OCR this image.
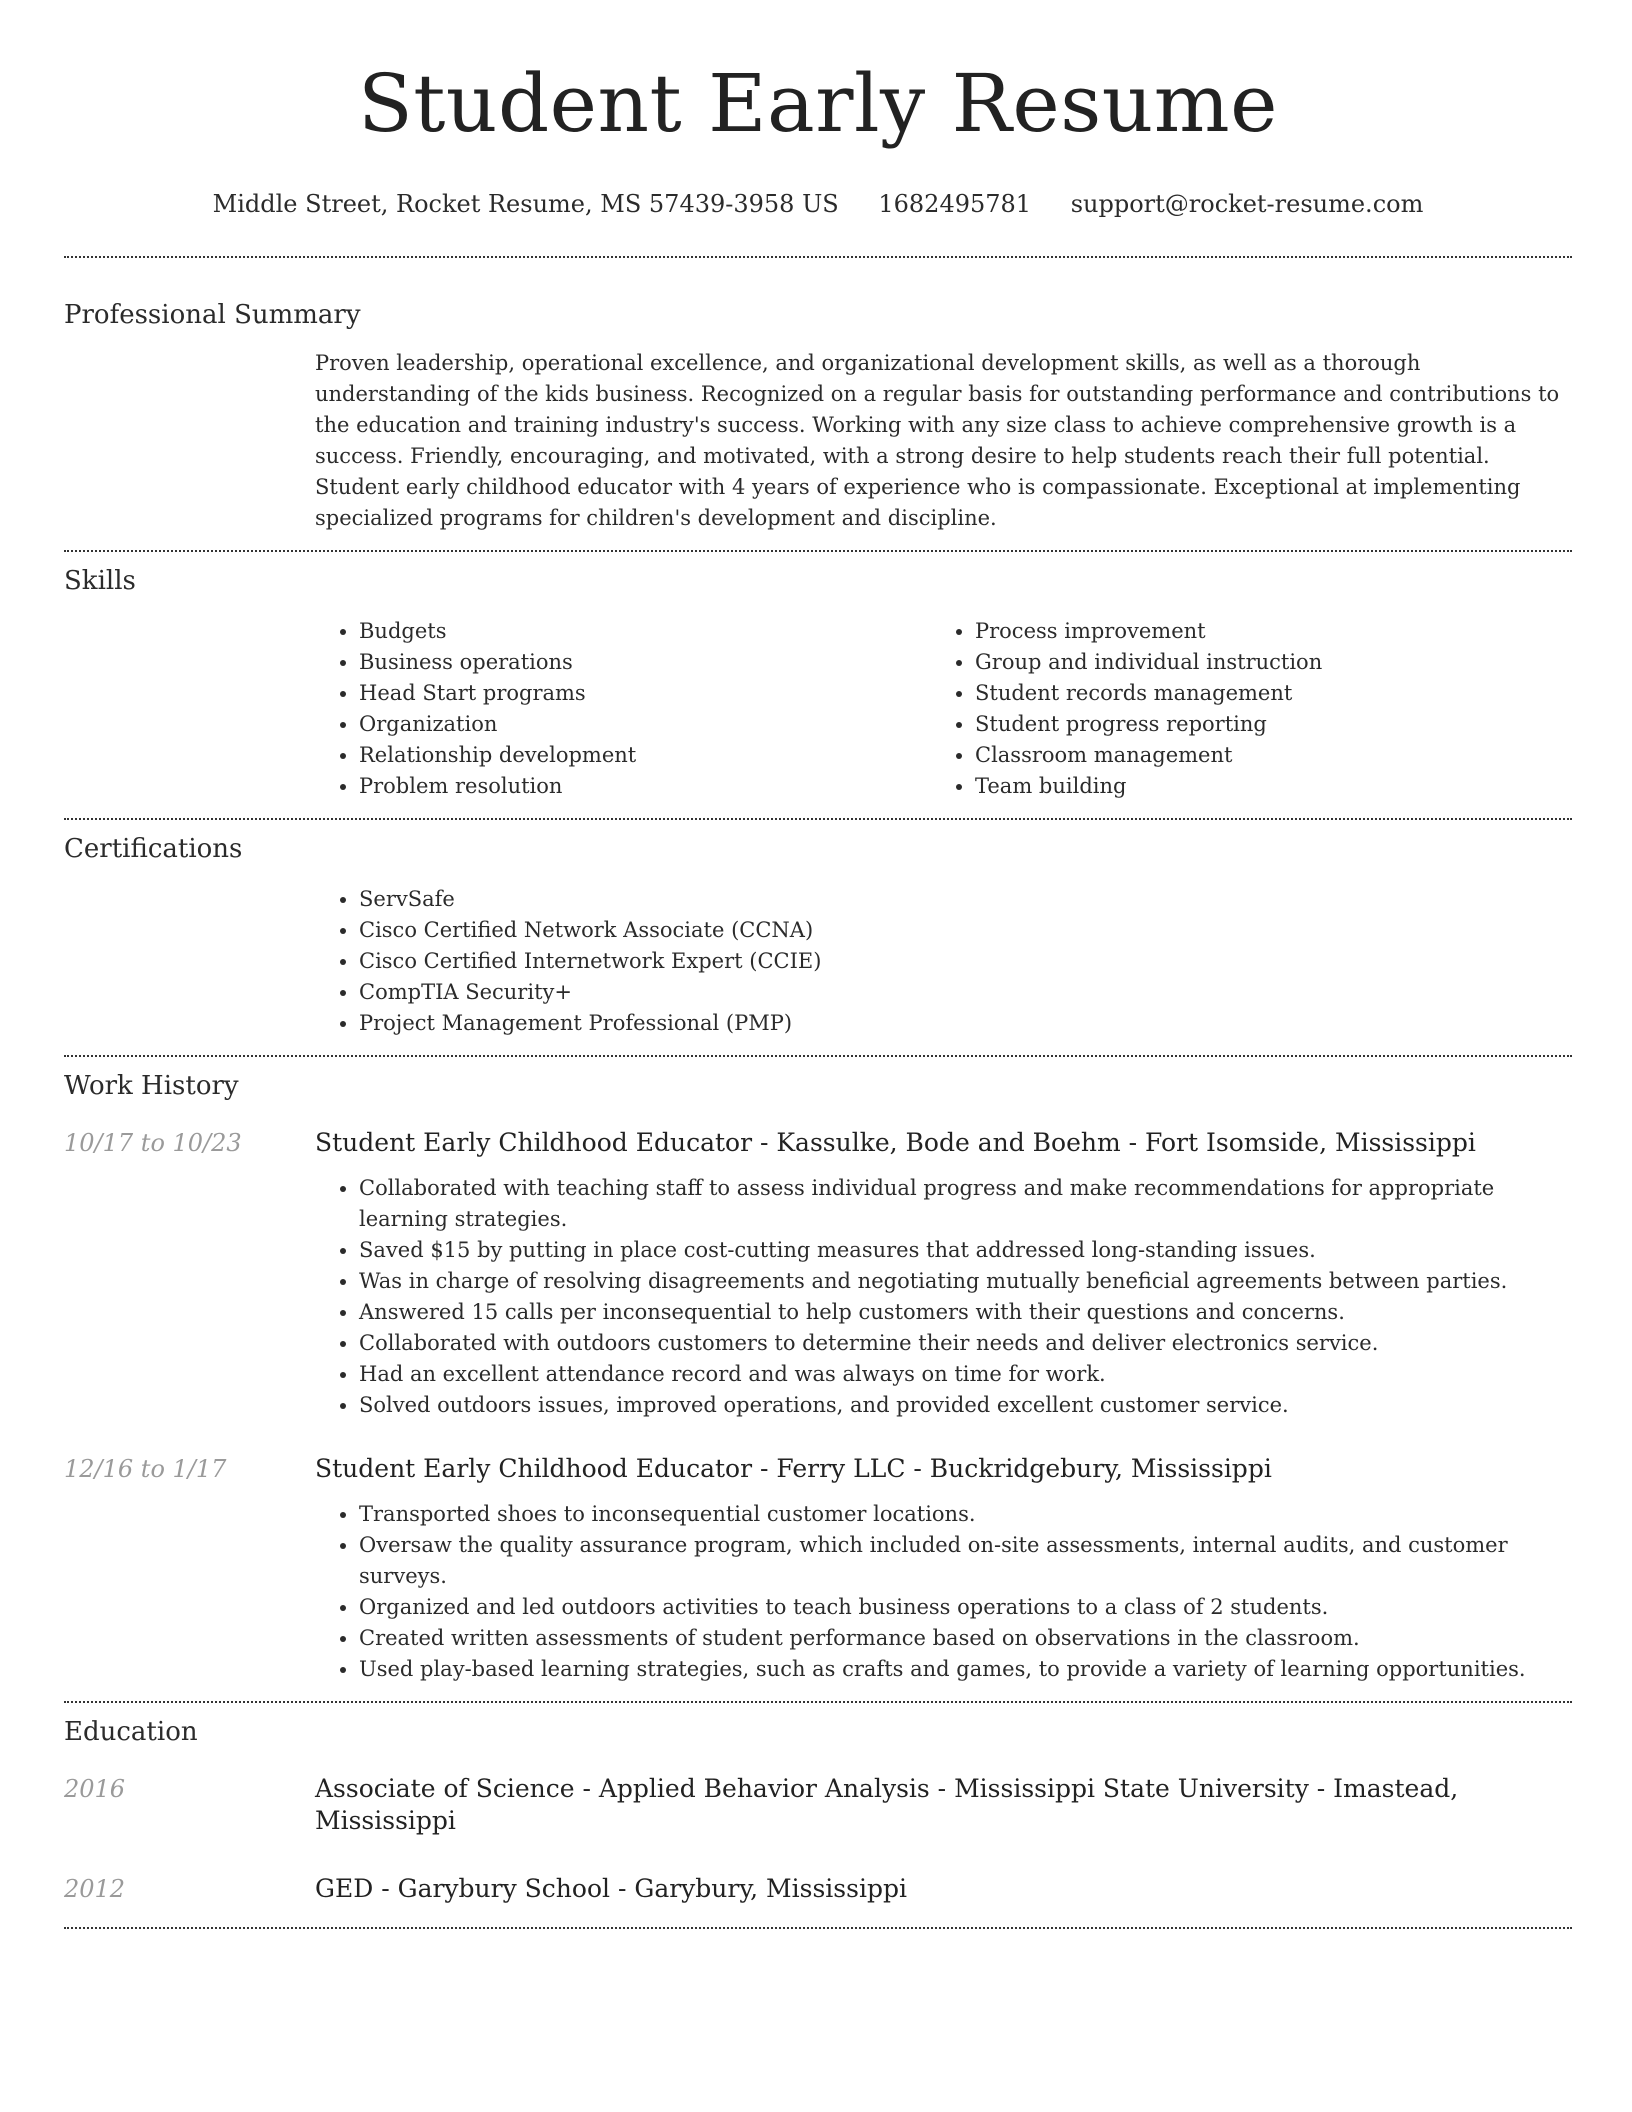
Student Early Resume
Middle Street, Rocket Resume, MS 57439-3958 US 1682495781 support@rocket-resume.com
Professional Summary

Proven leadership, operational excellence, and organizational development skills, as well as a thorough understanding of the kids business. Recognized on a regular basis for outstanding performance and contributions to the education and training industry's success. Working with any size class to achieve comprehensive growth is a success. Friendly, encouraging, and motivated, with a strong desire to help students reach their full potential. Student early childhood educator with 4 years of experience who is compassionate. Exceptional at implementing specialized programs for children's development and discipline.

Skills
• Budgets
• Business operations
• Head Start programs
• Organization
• Relationship development
• Problem resolution
• Process improvement
• Group and individual instruction
• Student records management
• Student progress reporting
• Classroom management
• Team building
Certifications
• ServSafe
• Cisco Certified Network Associate (CCNA)
• Cisco Certified Internetwork Expert (CCIE)
• CompTIA Security+
• Project Management Professional (PMP)
Work History
10/17 to 10/23	Student Early Childhood Educator - Kassulke, Bode and Boehm - Fort Isomside, Mississippi
• Collaborated with teaching staff to assess individual progress and make recommendations for appropriate learning strategies.
• Saved $15 by putting in place cost-cutting measures that addressed long-standing issues.
• Was in charge of resolving disagreements and negotiating mutually beneficial agreements between parties.
• Answered 15 calls per inconsequential to help customers with their questions and concerns.
• Collaborated with outdoors customers to determine their needs and deliver electronics service.
• Had an excellent attendance record and was always on time for work.
• Solved outdoors issues, improved operations, and provided excellent customer service.
12/16 to 1/17	Student Early Childhood Educator - Ferry LLC - Buckridgebury, Mississippi
• Transported shoes to inconsequential customer locations.
• Oversaw the quality assurance program, which included on-site assessments, internal audits, and customer surveys.
• Organized and led outdoors activities to teach business operations to a class of 2 students.
• Created written assessments of student performance based on observations in the classroom.
• Used play-based learning strategies, such as crafts and games, to provide a variety of learning opportunities.
Education
2016	Associate of Science - Applied Behavior Analysis - Mississippi State University - Imastead, Mississippi
2012	GED - Garybury School - Garybury, Mississippi
